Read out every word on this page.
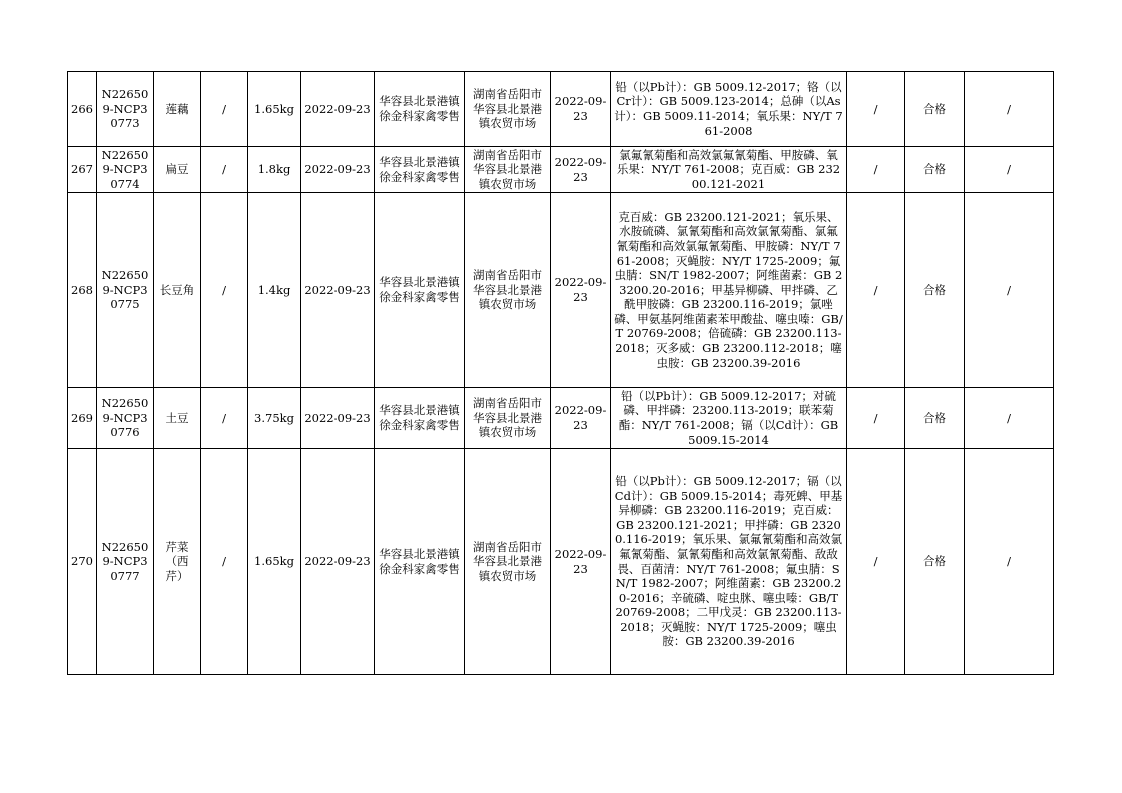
266	N226509-NCP30773	莲藕	/	1.65kg	2022-09-23	华容县北景港镇徐金科家禽零售	湖南省岳阳市华容县北景港镇农贸市场	2022-09-23	铅（以Pb计）：GB 5009.12-2017；铬（以Cr计）：GB 5009.123-2014；总砷（以As计）：GB 5009.11-2014；氧乐果：NY/T 761-2008	/	合格	/
267	N226509-NCP30774	扁豆	/	1.8kg	2022-09-23	华容县北景港镇徐金科家禽零售	湖南省岳阳市华容县北景港镇农贸市场	2022-09-23	氯氟氰菊酯和高效氯氟氰菊酯、甲胺磷、氧乐果：NY/T 761-2008；克百威：GB 23200.121-2021	/	合格	/
268	N226509-NCP30775	长豆角	/	1.4kg	2022-09-23	华容县北景港镇徐金科家禽零售	湖南省岳阳市华容县北景港镇农贸市场	2022-09-23	克百威：GB 23200.121-2021；氧乐果、水胺硫磷、氯氰菊酯和高效氯氰菊酯、氯氟氰菊酯和高效氯氟氰菊酯、甲胺磷：NY/T 761-2008；灭蝇胺：NY/T 1725-2009；氟虫腈：SN/T 1982-2007；阿维菌素：GB 23200.20-2016；甲基异柳磷、甲拌磷、乙酰甲胺磷：GB 23200.116-2019；氯唑磷、甲氨基阿维菌素苯甲酸盐、噻虫嗪：GB/T 20769-2008；倍硫磷：GB 23200.113-2018；灭多威：GB 23200.112-2018；噻虫胺：GB 23200.39-2016	/	合格	/
269	N226509-NCP30776	土豆	/	3.75kg	2022-09-23	华容县北景港镇徐金科家禽零售	湖南省岳阳市华容县北景港镇农贸市场	2022-09-23	铅（以Pb计）：GB 5009.12-2017；对硫磷、甲拌磷：23200.113-2019；联苯菊酯：NY/T 761-2008；镉（以Cd计）：GB 5009.15-2014	/	合格	/
270	N226509-NCP30777	芹菜（西芹）	/	1.65kg	2022-09-23	华容县北景港镇徐金科家禽零售	湖南省岳阳市华容县北景港镇农贸市场	2022-09-23	铅（以Pb计）：GB 5009.12-2017；镉（以Cd计）：GB 5009.15-2014；毒死蜱、甲基异柳磷：GB 23200.116-2019；克百威：GB 23200.121-2021；甲拌磷：GB 23200.116-2019；氧乐果、氯氟氰菊酯和高效氯氟氰菊酯、氯氰菊酯和高效氯氰菊酯、敌敌畏、百菌清：NY/T 761-2008；氟虫腈：SN/T 1982-2007；阿维菌素：GB 23200.20-2016；辛硫磷、啶虫脒、噻虫嗪：GB/T 20769-2008；二甲戊灵：GB 23200.113-2018；灭蝇胺：NY/T 1725-2009；噻虫胺：GB 23200.39-2016	/	合格	/
